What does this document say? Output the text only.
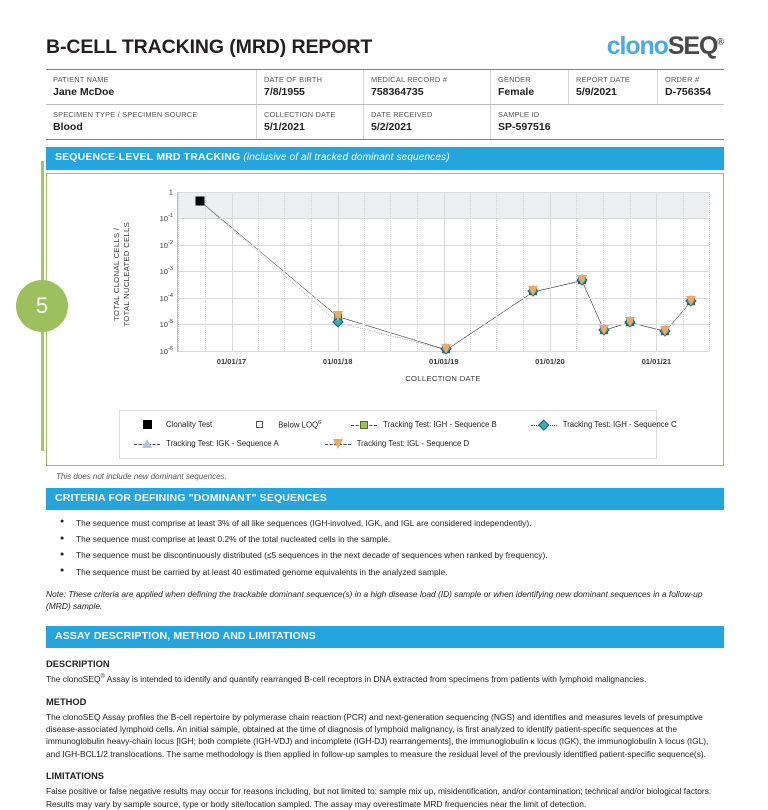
B-CELL TRACKING (MRD) REPORT	clonoSEQ®
PATIENT NAME
Jane McDoe
DATE OF BIRTH
7/8/1955
MEDICAL RECORD #
758364735
GENDER
Female
REPORT DATE
5/9/2021
ORDER #
D-756354
SPECIMEN TYPE / SPECIMEN SOURCE
Blood
COLLECTION DATE
5/1/2021
DATE RECEIVED
5/2/2021
SAMPLE ID
SP-597516
SEQUENCE-LEVEL MRD TRACKING (inclusive of all tracked dominant sequences)
5	TOTAL CLONAL CELLS /
TOTAL NUCLEATED CELLS
1
$10^{-1}$
$10^{-2}$
$10^{-3}$
$10^{-4}$
$10^{-5}$
$10^{-6}$
01/01/17	01/01/18	01/01/19	01/01/20	01/01/21
COLLECTION DATE
Clonality Test	Below LOQ$^6$	Tracking Test: IGH - Sequence B	Tracking Test: IGH - Sequence C
Tracking Test: IGK - Sequence A	Tracking Test: IGL - Sequence D
This does not include new dominant sequences.
CRITERIA FOR DEFINING "DOMINANT" SEQUENCES
● The sequence must comprise at least 3% of all like sequences (IGH-involved, IGK, and IGL are considered independently).
● The sequence must comprise at least 0.2% of the total nucleated cells in the sample.
● The sequence must be discontinuously distributed (≤5 sequences in the next decade of sequences when ranked by frequency).
● The sequence must be carried by at least 40 estimated genome equivalents in the analyzed sample.
Note: These criteria are applied when defining the trackable dominant sequence(s) in a high disease load (ID) sample or when identifying new dominant sequences in a follow-up (MRD) sample.
ASSAY DESCRIPTION, METHOD AND LIMITATIONS
DESCRIPTION
The clonoSEQ® Assay is intended to identify and quantify rearranged B-cell receptors in DNA extracted from specimens from patients with lymphoid malignancies.
METHOD
The clonoSEQ Assay profiles the B-cell repertoire by polymerase chain reaction (PCR) and next-generation sequencing (NGS) and identifies and measures levels of presumptive disease-associated lymphoid cells. An initial sample, obtained at the time of diagnosis of lymphoid malignancy, is first analyzed to identify patient-specific sequences at the immunoglobulin heavy-chain locus [IGH; both complete (IGH-VDJ) and incomplete (IGH-DJ) rearrangements], the immunoglobulin κ locus (IGK), the immunoglobulin λ locus (IGL), and IGH-BCL1/2 translocations. The same methodology is then applied in follow-up samples to measure the residual level of the previously identified patient-specific sequence(s).
LIMITATIONS
False positive or false negative results may occur for reasons including, but not limited to: sample mix up, misidentification, and/or contamination; technical and/or biological factors. Results may vary by sample source, type or body site/location sampled. The assay may overestimate MRD frequencies near the limit of detection.
